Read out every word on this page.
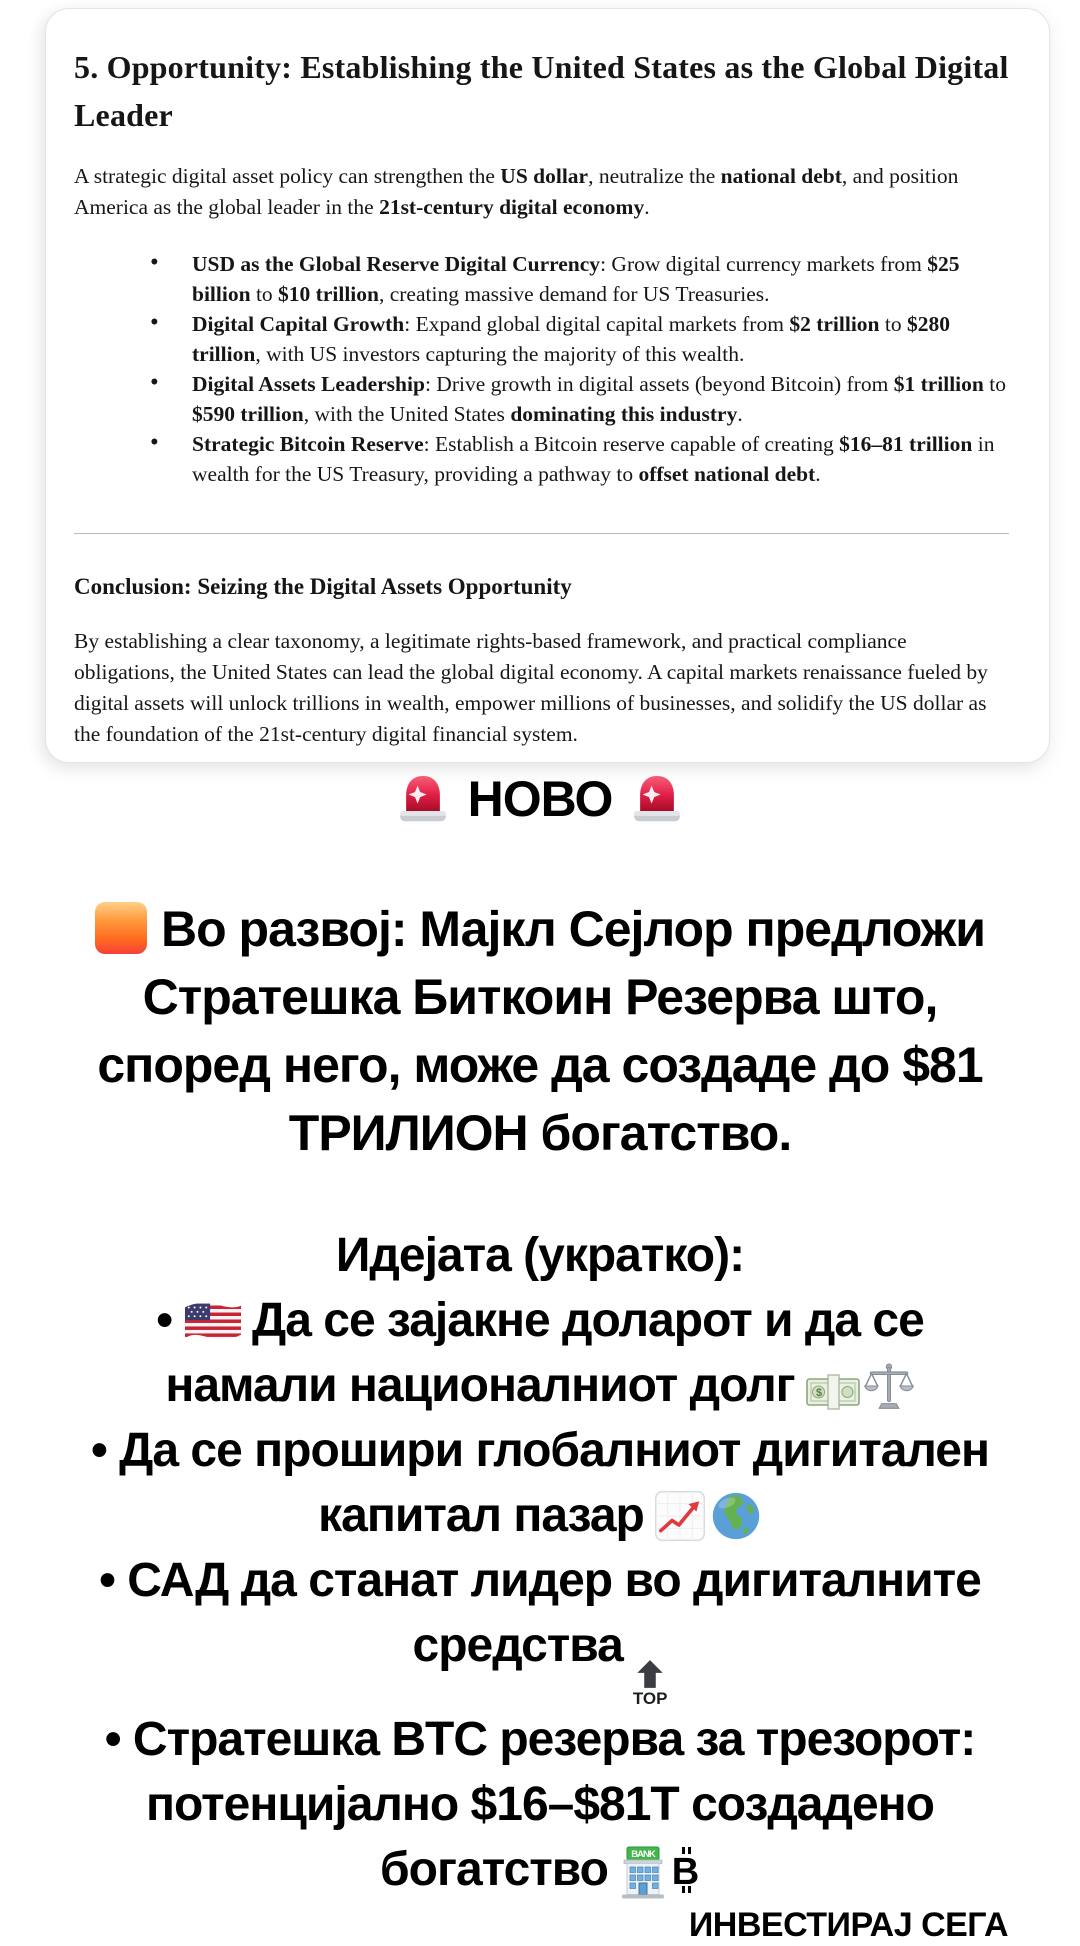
5. Opportunity: Establishing the United States as the Global Digital Leader

A strategic digital asset policy can strengthen the US dollar, neutralize the national debt, and position America as the global leader in the 21st-century digital economy.

• USD as the Global Reserve Digital Currency: Grow digital currency markets from $25 billion to $10 trillion, creating massive demand for US Treasuries.
• Digital Capital Growth: Expand global digital capital markets from $2 trillion to $280 trillion, with US investors capturing the majority of this wealth.
• Digital Assets Leadership: Drive growth in digital assets (beyond Bitcoin) from $1 trillion to $590 trillion, with the United States dominating this industry.
• Strategic Bitcoin Reserve: Establish a Bitcoin reserve capable of creating $16–81 trillion in wealth for the US Treasury, providing a pathway to offset national debt.
Conclusion: Seizing the Digital Assets Opportunity

By establishing a clear taxonomy, a legitimate rights-based framework, and practical compliance obligations, the United States can lead the global digital economy. A capital markets renaissance fueled by digital assets will unlock trillions in wealth, empower millions of businesses, and solidify the US dollar as the foundation of the 21st-century digital financial system.

НОВО
Во развој: Мајкл Сејлор предложи
Стратешка Биткоин Резерва што,
според него, може да создаде до $81
ТРИЛИОН богатство.
Идејата (укратко):
• Да се зајакне доларот и да се
намали националниот долг $
• Да се прошири глобалниот дигитален
капитал пазар
• САД да станат лидер во дигиталните
средства
TOP
• Стратешка BTC резерва за трезорот:
потенцијално $16–$81T создадено
богатство BANK B
ИНВЕСТИРАЈ СЕГА
